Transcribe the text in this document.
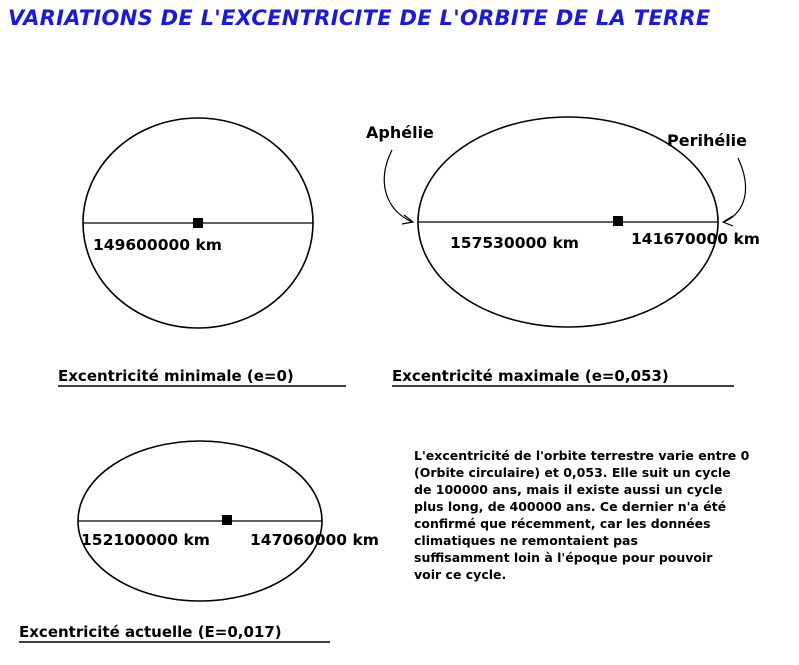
VARIATIONS DE L'EXCENTRICITE DE L'ORBITE DE LA TERRE
149600000 km
Excentricité minimale (e=0)
Aphélie	Perihélie
157530000 km	141670000 km
Excentricité maximale (e=0,053)
152100000 km	147060000 km
Excentricité actuelle (E=0,017)
L'excentricité de l'orbite terrestre varie entre 0
(Orbite circulaire) et 0,053. Elle suit un cycle
de 100000 ans, mais il existe aussi un cycle
plus long, de 400000 ans. Ce dernier n'a été
confirmé que récemment, car les données
climatiques ne remontaient pas
suffisamment loin à l'époque pour pouvoir
voir ce cycle.
